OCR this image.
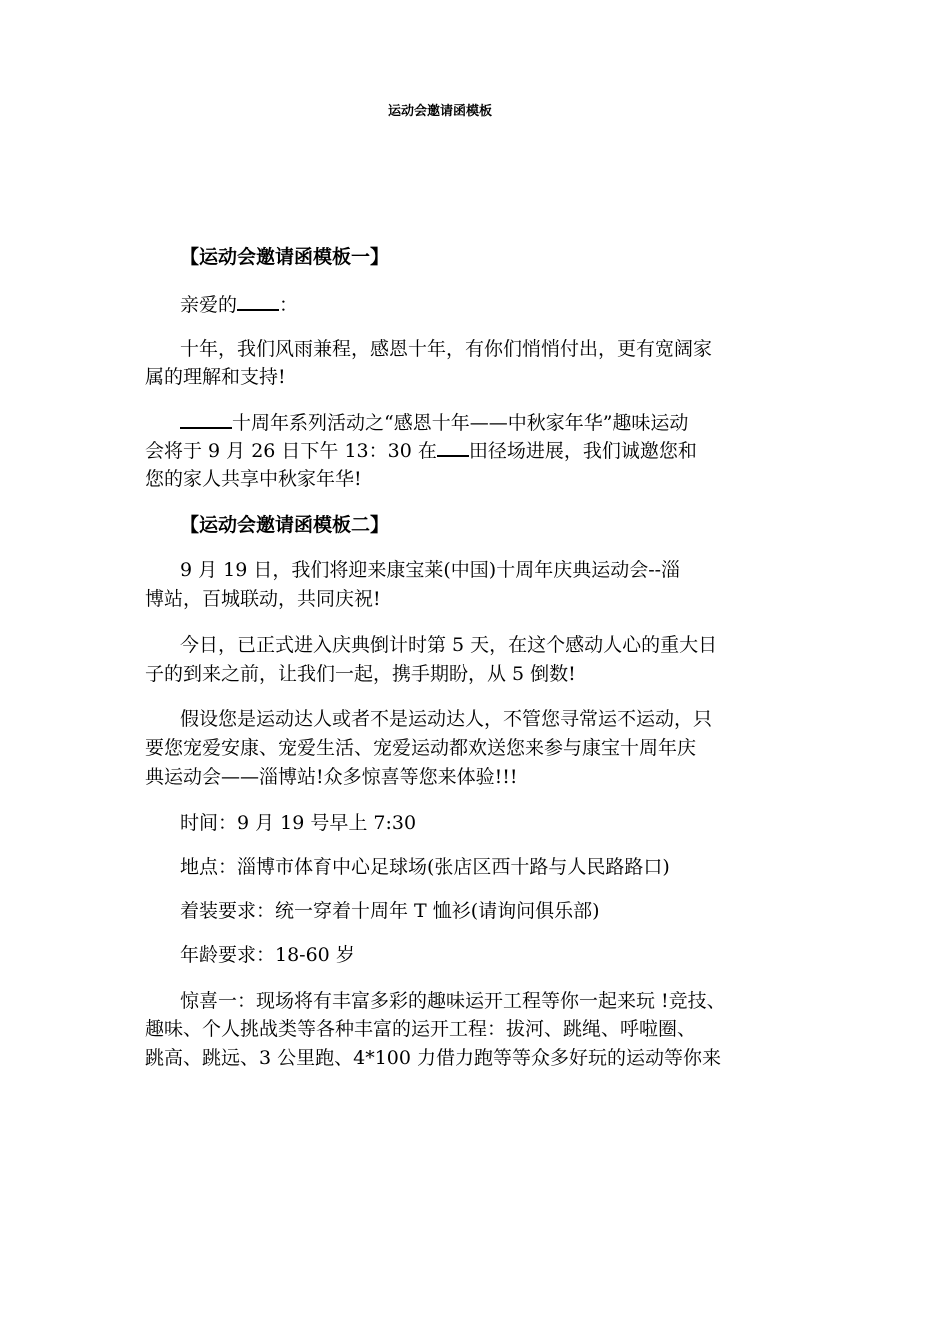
运动会邀请函模板
【运动会邀请函模板一】
亲爱的 ：
十年，我们风雨兼程，感恩十年，有你们悄悄付出，更有宽阔家
属的理解和支持!
十周年系列活动之“感恩十年——中秋家年华”趣味运动
会将于 9 月 26 日下午 13：30 在 田径场进展，我们诚邀您和
您的家人共享中秋家年华!
【运动会邀请函模板二】
9 月 19 日，我们将迎来康宝莱(中国)十周年庆典运动会--淄
博站，百城联动，共同庆祝!
今日，已正式进入庆典倒计时第 5 天，在这个感动人心的重大日
子的到来之前，让我们一起，携手期盼，从 5 倒数!
假设您是运动达人或者不是运动达人，不管您寻常运不运动，只
要您宠爱安康、宠爱生活、宠爱运动都欢送您来参与康宝十周年庆
典运动会——淄博站!众多惊喜等您来体验!!!
时间：9 月 19 号早上 7:30
地点：淄博市体育中心足球场(张店区西十路与人民路路口)
着装要求：统一穿着十周年 T 恤衫(请询问俱乐部)
年龄要求：18-60 岁
惊喜一：现场将有丰富多彩的趣味运开工程等你一起来玩 !竞技、
趣味、个人挑战类等各种丰富的运开工程：拔河、跳绳、呼啦圈、
跳高、跳远、3 公里跑、4*100 力借力跑等等众多好玩的运动等你来
